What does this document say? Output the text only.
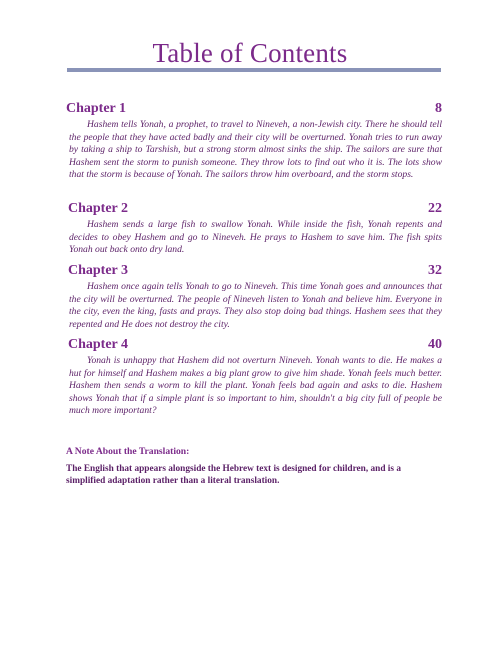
Table of Contents
Chapter 1	8

Hashem tells Yonah, a prophet, to travel to Nineveh, a non-Jewish city. There he should tell the people that they have acted badly and their city will be overturned. Yonah tries to run away by taking a ship to Tarshish, but a strong storm almost sinks the ship. The sailors are sure that Hashem sent the storm to punish someone. They throw lots to find out who it is. The lots show that the storm is because of Yonah. The sailors throw him overboard, and the storm stops.

Chapter 2	22

Hashem sends a large fish to swallow Yonah. While inside the fish, Yonah repents and decides to obey Hashem and go to Nineveh. He prays to Hashem to save him. The fish spits Yonah out back onto dry land.

Chapter 3	32

Hashem once again tells Yonah to go to Nineveh. This time Yonah goes and announces that the city will be overturned. The people of Nineveh listen to Yonah and believe him. Everyone in the city, even the king, fasts and prays. They also stop doing bad things. Hashem sees that they repented and He does not destroy the city.

Chapter 4	40

Yonah is unhappy that Hashem did not overturn Nineveh. Yonah wants to die. He makes a hut for himself and Hashem makes a big plant grow to give him shade. Yonah feels much better. Hashem then sends a worm to kill the plant. Yonah feels bad again and asks to die. Hashem shows Yonah that if a simple plant is so important to him, shouldn't a big city full of people be much more important?

A Note About the Translation:

The English that appears alongside the Hebrew text is designed for children, and is a simplified adaptation rather than a literal translation.
